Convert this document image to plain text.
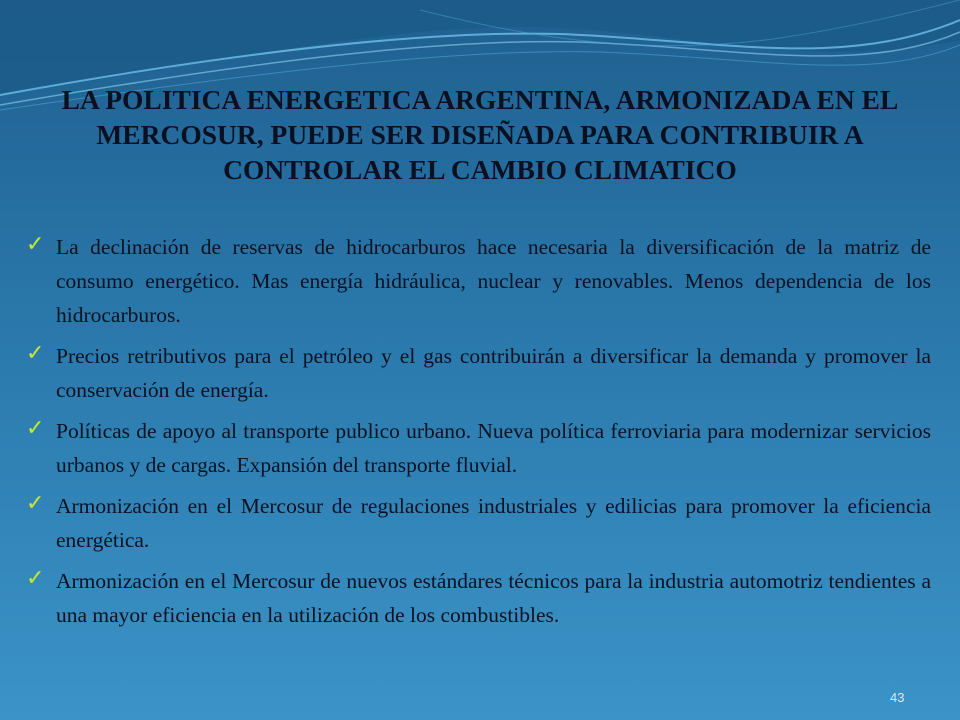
LA POLITICA ENERGETICA ARGENTINA, ARMONIZADA EN EL MERCOSUR, PUEDE SER DISEÑADA PARA CONTRIBUIR A CONTROLAR EL CAMBIO CLIMATICO
✓ La declinación de reservas de hidrocarburos hace necesaria la diversificación de la matriz de consumo energético. Mas energía hidráulica, nuclear y renovables. Menos dependencia de los hidrocarburos.
✓ Precios retributivos para el petróleo y el gas contribuirán a diversificar la demanda y promover la conservación de energía.
✓ Políticas de apoyo al transporte publico urbano. Nueva política ferroviaria para modernizar servicios urbanos y de cargas. Expansión del transporte fluvial.
✓ Armonización en el Mercosur de regulaciones industriales y edilicias para promover la eficiencia energética.
✓ Armonización en el Mercosur de nuevos estándares técnicos para la industria automotriz tendientes a una mayor eficiencia en la utilización de los combustibles.
43
